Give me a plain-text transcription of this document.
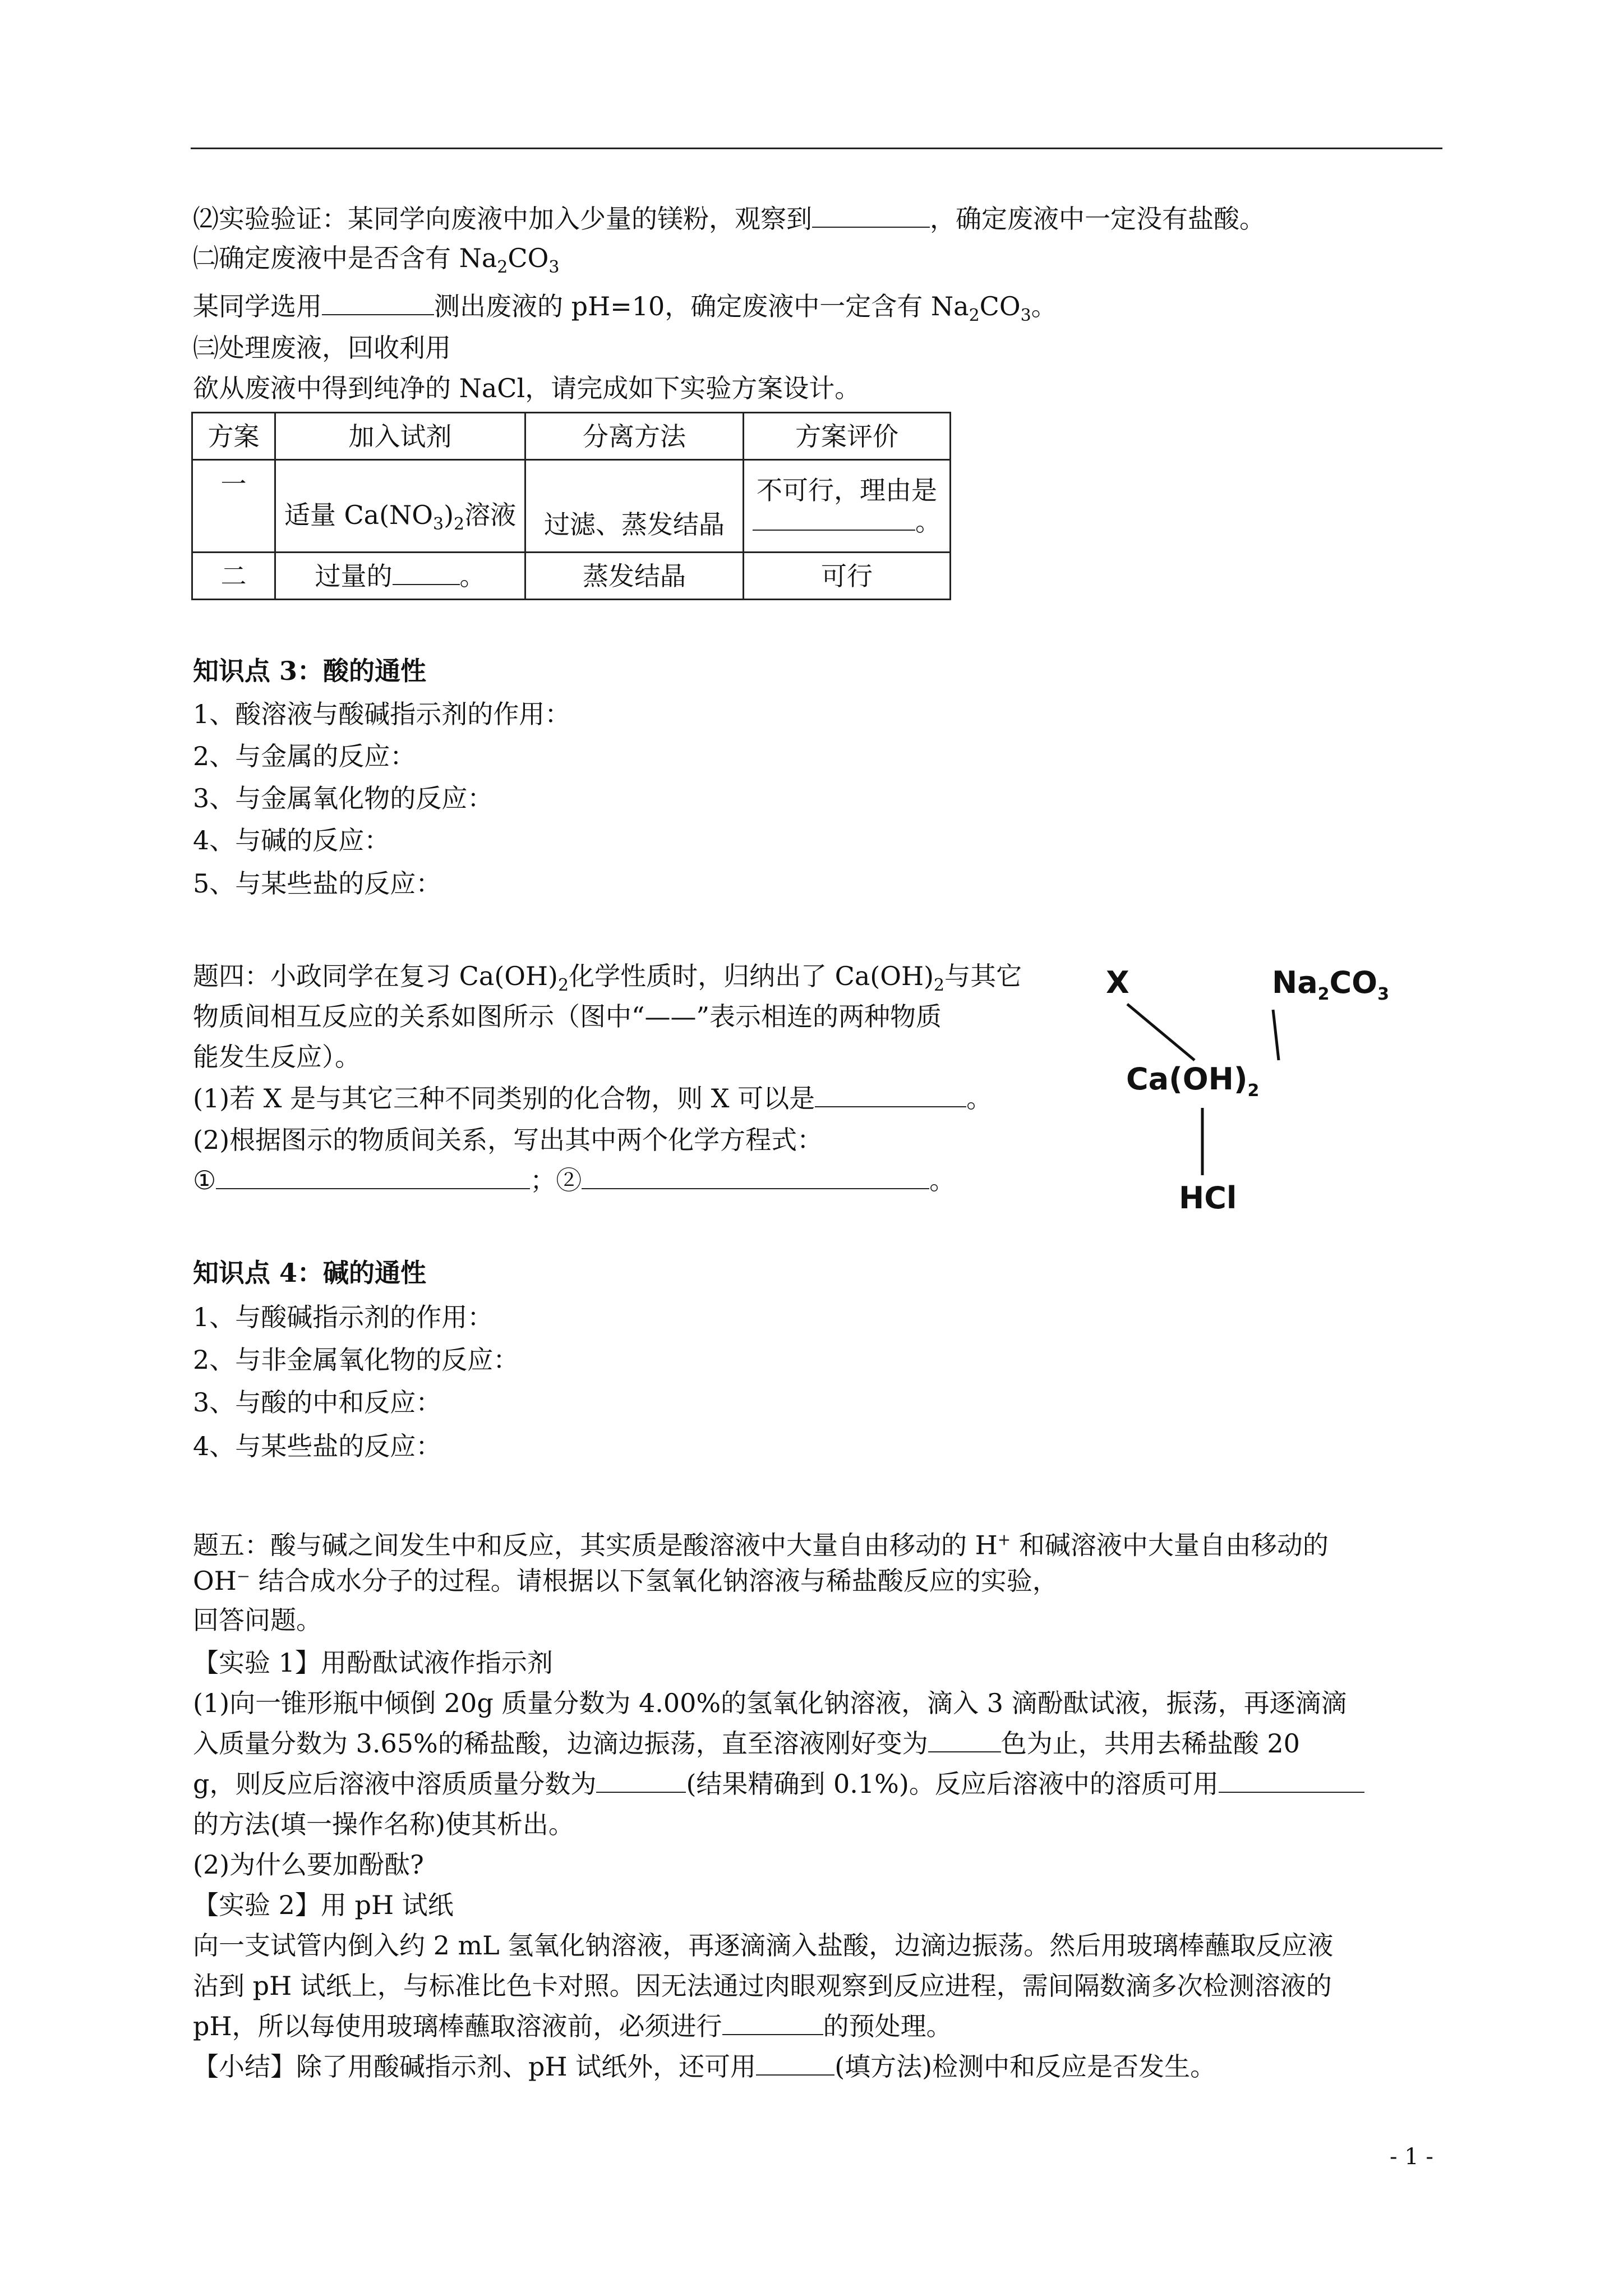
⑵实验验证：某同学向废液中加入少量的镁粉，观察到	，确定废液中一定没有盐酸。
㈡确定废液中是否含有 $Na_2CO_3$
某同学选用	测出废液的 pH=10，确定废液中一定含有 $Na_2CO_3$。
㈢处理废液，回收利用
欲从废液中得到纯净的 NaCl，请完成如下实验方案设计。
方案	加入试剂	分离方法	方案评价
一	适量 $Ca(NO_3)_2$溶液	过滤、蒸发结晶	不可行，理由是
。

二	过量的 。	蒸发结晶	可行
知识点 3：酸的通性
1、酸溶液与酸碱指示剂的作用：
2、与金属的反应：
3、与金属氧化物的反应：
4、与碱的反应：
5、与某些盐的反应：
题四：小政同学在复习 $Ca(OH)_2$化学性质时，归纳出了 $Ca(OH)_2$与其它
物质间相互反应的关系如图所示（图中“——”表示相连的两种物质
能发生反应）。
(1)若 X 是与其它三种不同类别的化合物，则 X 可以是	。
(2)根据图示的物质间关系，写出其中两个化学方程式：
①	；②	。
X	$Na_2CO_3$
$Ca(OH)_2$
HCl
知识点 4：碱的通性
1、与酸碱指示剂的作用：
2、与非金属氧化物的反应：
3、与酸的中和反应：
4、与某些盐的反应：
题五：酸与碱之间发生中和反应，其实质是酸溶液中大量自由移动的 H+ 和碱溶液中大量自由移动的
OH⁻ 结合成水分子的过程。请根据以下氢氧化钠溶液与稀盐酸反应的实验，
回答问题。
【实验 1】用酚酞试液作指示剂
(1)向一锥形瓶中倾倒 20g 质量分数为 4.00%的氢氧化钠溶液，滴入 3 滴酚酞试液，振荡，再逐滴滴
入质量分数为 3.65%的稀盐酸，边滴边振荡，直至溶液刚好变为	色为止，共用去稀盐酸 20
g，则反应后溶液中溶质质量分数为	(结果精确到 0.1%)。反应后溶液中的溶质可用
的方法(填一操作名称)使其析出。
(2)为什么要加酚酞?
【实验 2】用 pH 试纸
向一支试管内倒入约 2 mL 氢氧化钠溶液，再逐滴滴入盐酸，边滴边振荡。然后用玻璃棒蘸取反应液
沾到 pH 试纸上，与标准比色卡对照。因无法通过肉眼观察到反应进程，需间隔数滴多次检测溶液的
pH，所以每使用玻璃棒蘸取溶液前，必须进行	的预处理。
【小结】除了用酸碱指示剂、pH 试纸外，还可用	(填方法)检测中和反应是否发生。
- 1 -
